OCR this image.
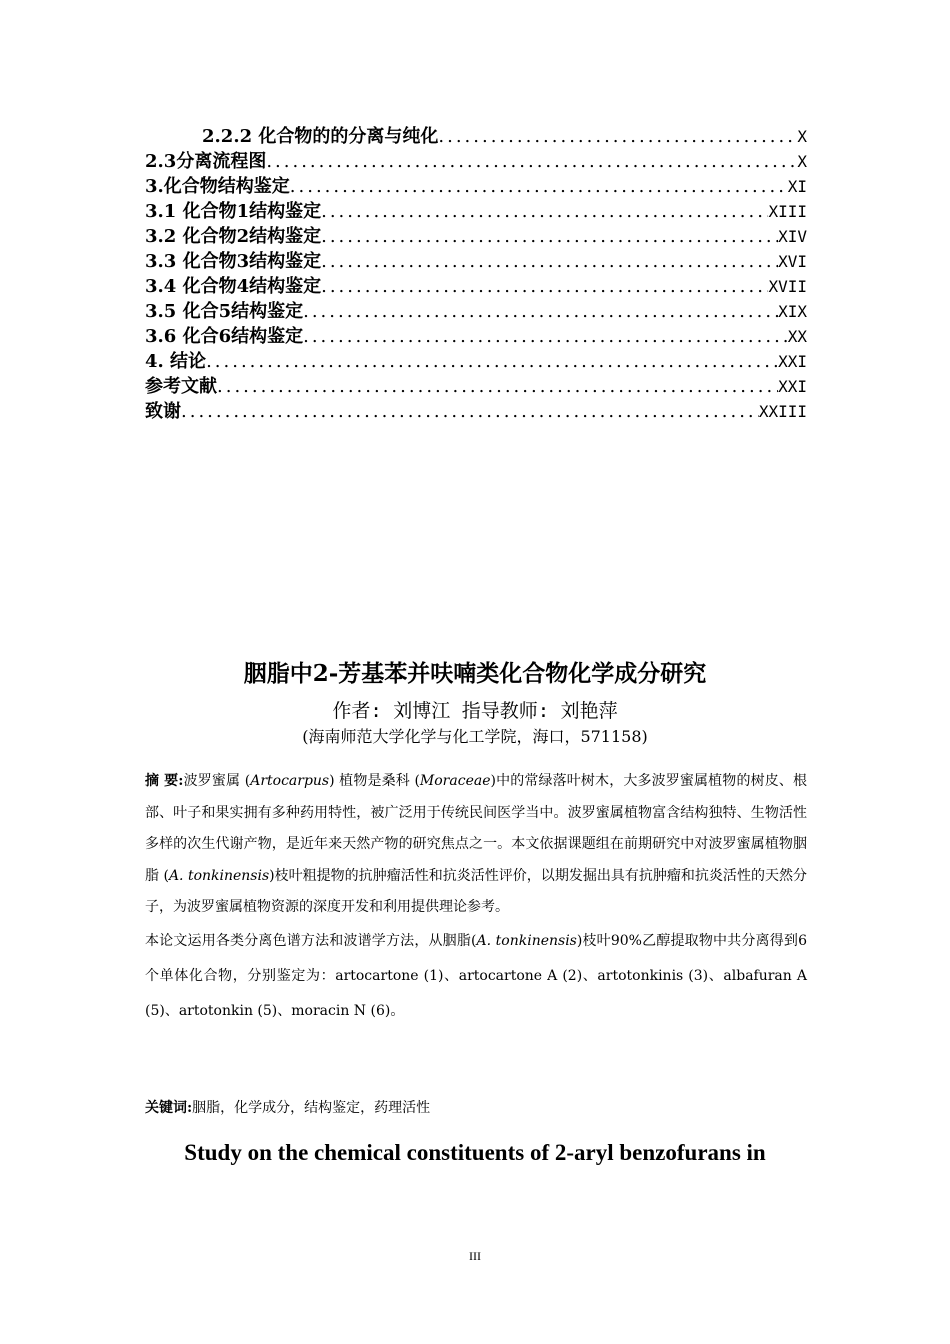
2.2.2 化合物的的分离与纯化 .....	X
2.3分离流程图 .....	X
3.化合物结构鉴定 .....	XI
3.1 化合物1结构鉴定 .....	XIII
3.2 化合物2结构鉴定 .....	XIV
3.3 化合物3结构鉴定 .....	XVI
3.4 化合物4结构鉴定 .....	XVII
3.5 化合5结构鉴定 .....	XIX
3.6 化合6结构鉴定 .....	XX
4. 结论 .....	XXI
参考文献 .....	XXI
致谢 .....	XXIII
胭脂中2-芳基苯并呋喃类化合物化学成分研究
作者: 刘博江 指导教师: 刘艳萍
(海南师范大学化学与化工学院，海口，571158)

摘 要:波罗蜜属 (Artocarpus) 植物是桑科 (Moraceae)中的常绿落叶树木，大多波罗蜜属植物的树皮、根部、叶子和果实拥有多种药用特性，被广泛用于传统民间医学当中。波罗蜜属植物富含结构独特、生物活性多样的次生代谢产物，是近年来天然产物的研究焦点之一。本文依据课题组在前期研究中对波罗蜜属植物胭脂 (A. tonkinensis)枝叶粗提物的抗肿瘤活性和抗炎活性评价，以期发掘出具有抗肿瘤和抗炎活性的天然分子，为波罗蜜属植物资源的深度开发和利用提供理论参考。

本论文运用各类分离色谱方法和波谱学方法，从胭脂(A. tonkinensis)枝叶90%乙醇提取物中共分离得到6个单体化合物，分别鉴定为：artocartone (1)、artocartone A (2)、artotonkinis (3)、albafuran A (5)、artotonkin (5)、moracin N (6)。

关键词:胭脂，化学成分，结构鉴定，药理活性
Study on the chemical constituents of 2-aryl benzofurans in
III
